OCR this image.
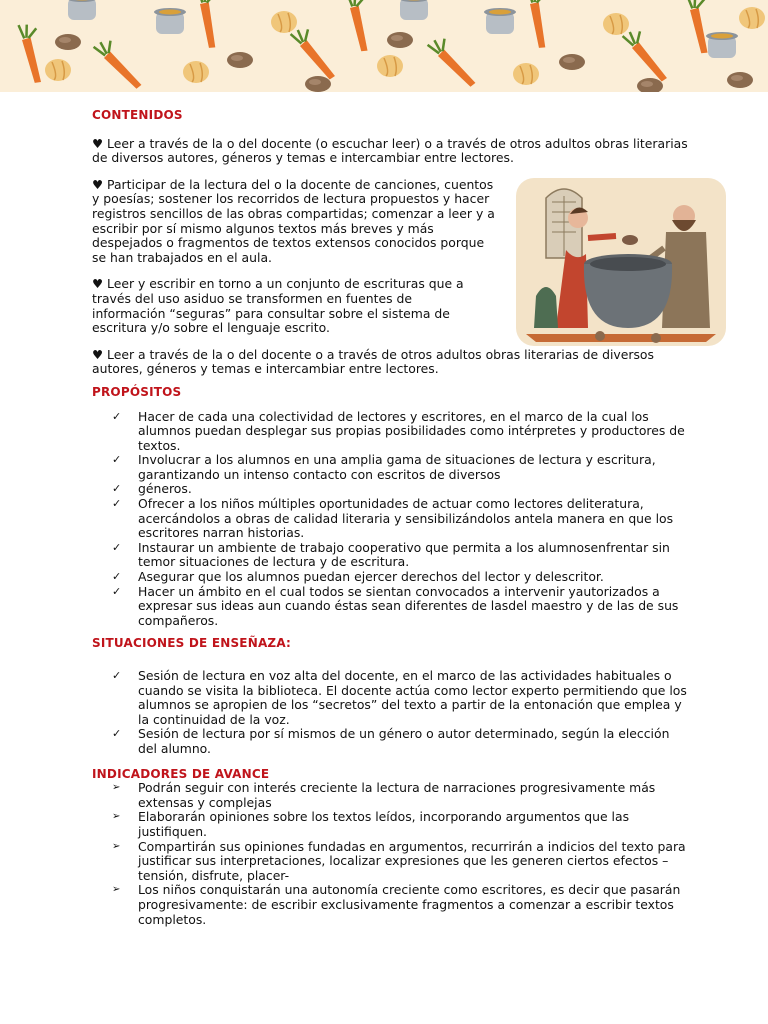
CONTENIDOS

♥ Leer a través de la o del docente (o escuchar leer) o a través de otros adultos obras literarias de diversos autores, géneros y temas e intercambiar entre lectores.

♥ Participar de la lectura del o la docente de canciones, cuentos y poesías; sostener los recorridos de lectura propuestos y hacer registros sencillos de las obras compartidas; comenzar a leer y a escribir por sí mismo algunos textos más breves y más despejados o fragmentos de textos extensos conocidos porque se han trabajados en el aula.

♥ Leer y escribir en torno a un conjunto de escrituras que a través del uso asiduo se transformen en fuentes de información “seguras” para consultar sobre el sistema de escritura y/o sobre el lenguaje escrito.

♥ Leer a través de la o del docente o a través de otros adultos obras literarias de diversos autores, géneros y temas e intercambiar entre lectores.

PROPÓSITOS

✓ Hacer de cada una colectividad de lectores y escritores, en el marco de la cual los alumnos puedan desplegar sus propias posibilidades como intérpretes y productores de textos.
✓ Involucrar a los alumnos en una amplia gama de situaciones de lectura y escritura, garantizando un intenso contacto con escritos de diversos
✓ géneros.
✓ Ofrecer a los niños múltiples oportunidades de actuar como lectores deliteratura, acercándolos a obras de calidad literaria y sensibilizándolos antela manera en que los escritores narran historias.
✓ Instaurar un ambiente de trabajo cooperativo que permita a los alumnosenfrentar sin temor situaciones de lectura y de escritura.
✓ Asegurar que los alumnos puedan ejercer derechos del lector y delescritor.
✓ Hacer un ámbito en el cual todos se sientan convocados a intervenir yautorizados a expresar sus ideas aun cuando éstas sean diferentes de lasdel maestro y de las de sus compañeros.

SITUACIONES DE ENSEÑAZA:

✓ Sesión de lectura en voz alta del docente, en el marco de las actividades habituales o cuando se visita la biblioteca. El docente actúa como lector experto permitiendo que los alumnos se apropien de los “secretos” del texto a partir de la entonación que emplea y la continuidad de la voz.
✓ Sesión de lectura por sí mismos de un género o autor determinado, según la elección del alumno.

INDICADORES DE AVANCE

➢ Podrán seguir con interés creciente la lectura de narraciones progresivamente más extensas y complejas
➢ Elaborarán opiniones sobre los textos leídos, incorporando argumentos que las justifiquen.
➢ Compartirán sus opiniones fundadas en argumentos, recurrirán a indicios del texto para justificar sus interpretaciones, localizar expresiones que les generen ciertos efectos –tensión, disfrute, placer-
➢ Los niños conquistarán una autonomía creciente como escritores, es decir que pasarán progresivamente: de escribir exclusivamente fragmentos a comenzar a escribir textos completos.
